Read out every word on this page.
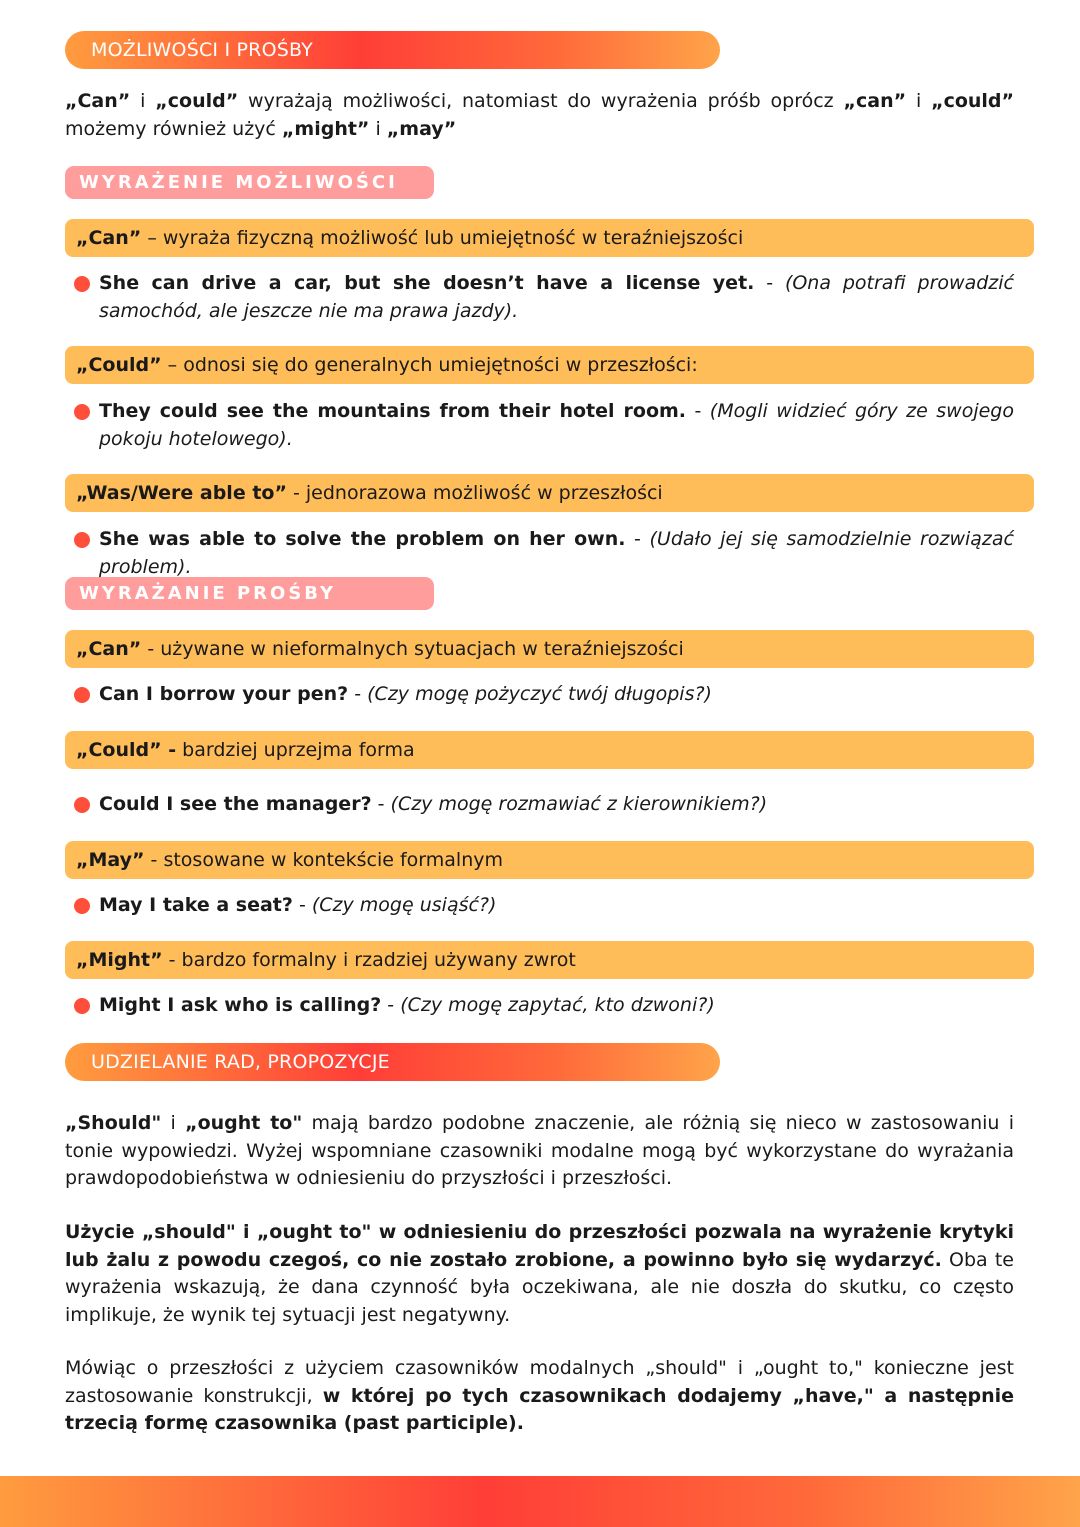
MOŻLIWOŚCI I PROŚBY
„Can” i „could” wyrażają możliwości, natomiast do wyrażenia próśb oprócz „can” i „could” możemy również użyć „might” i „may”
WYRAŻENIE MOŻLIWOŚCI
„Can” – wyraża fizyczną możliwość lub umiejętność w teraźniejszości
She can drive a car, but she doesn’t have a license yet. - (Ona potrafi prowadzić samochód, ale jeszcze nie ma prawa jazdy).
„Could” – odnosi się do generalnych umiejętności w przeszłości:
They could see the mountains from their hotel room. - (Mogli widzieć góry ze swojego pokoju hotelowego).
„Was/Were able to” - jednorazowa możliwość w przeszłości
She was able to solve the problem on her own. - (Udało jej się samodzielnie rozwiązać problem).
WYRAŻANIE PROŚBY
„Can” - używane w nieformalnych sytuacjach w teraźniejszości
Can I borrow your pen? - (Czy mogę pożyczyć twój długopis?)
„Could” - bardziej uprzejma forma
Could I see the manager? - (Czy mogę rozmawiać z kierownikiem?)
„May” - stosowane w kontekście formalnym
May I take a seat? - (Czy mogę usiąść?)
„Might” - bardzo formalny i rzadziej używany zwrot
Might I ask who is calling? - (Czy mogę zapytać, kto dzwoni?)
UDZIELANIE RAD, PROPOZYCJE
„Should" i „ought to" mają bardzo podobne znaczenie, ale różnią się nieco w zastosowaniu i tonie wypowiedzi. Wyżej wspomniane czasowniki modalne mogą być wykorzystane do wyrażania prawdopodobieństwa w odniesieniu do przyszłości i przeszłości.
Użycie „should" i „ought to" w odniesieniu do przeszłości pozwala na wyrażenie krytyki lub żalu z powodu czegoś, co nie zostało zrobione, a powinno było się wydarzyć. Oba te wyrażenia wskazują, że dana czynność była oczekiwana, ale nie doszła do skutku, co często implikuje, że wynik tej sytuacji jest negatywny.
Mówiąc o przeszłości z użyciem czasowników modalnych „should" i „ought to," konieczne jest zastosowanie konstrukcji, w której po tych czasownikach dodajemy „have," a następnie trzecią formę czasownika (past participle).
